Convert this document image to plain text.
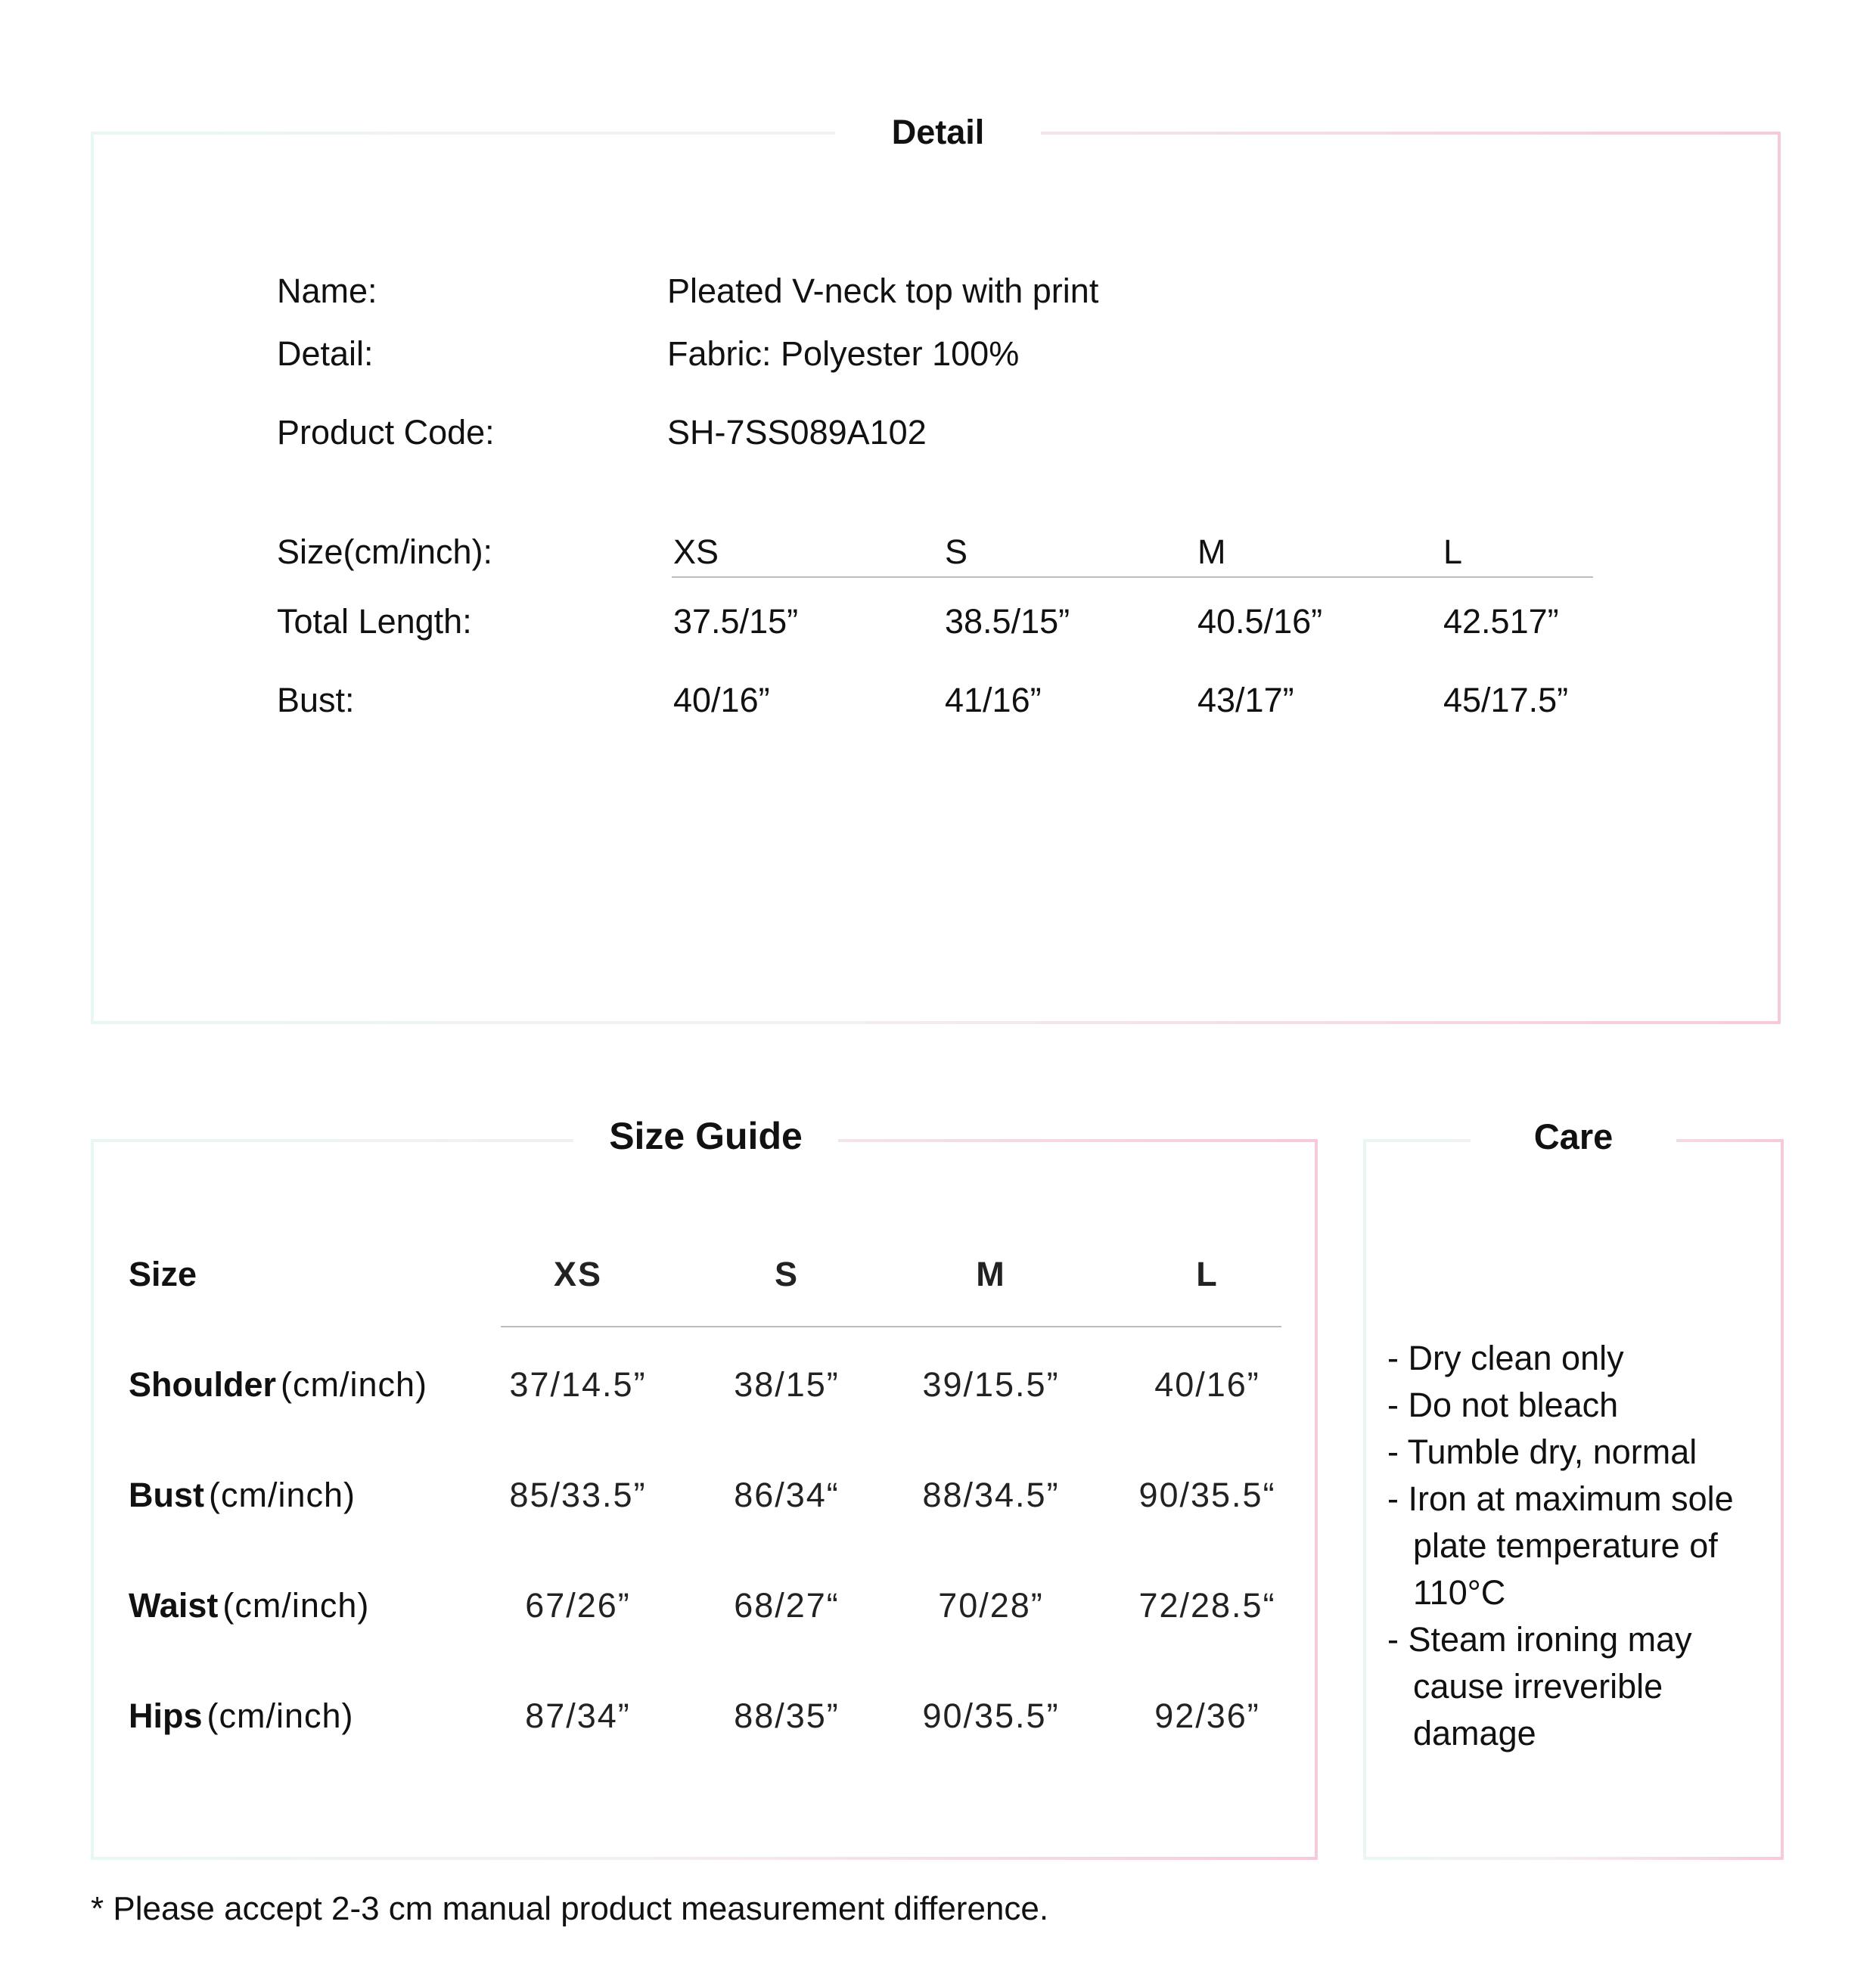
Detail
Name:	Pleated V-neck top with print
Detail:	Fabric: Polyester 100%
Product Code:	SH-7SS089A102
Size(cm/inch):	XS	S	M	L
Total Length:	37.5/15”	38.5/15”	40.5/16”	42.517”
Bust:	40/16”	41/16”	43/17”	45/17.5”
Size Guide
Size	XS	S	M	L
Shoulder (cm/inch)	37/14.5”	38/15”	39/15.5”	40/16”
Bust (cm/inch)	85/33.5”	86/34“	88/34.5”	90/35.5“
Waist (cm/inch)	67/26”	68/27“	70/28”	72/28.5“
Hips (cm/inch)	87/34”	88/35”	90/35.5”	92/36”
Care
- Dry clean only
- Do not bleach
- Tumble dry, normal
- Iron at maximum sole plate temperature of 110°C
- Steam ironing may cause irreverible damage
* Please accept 2-3 cm manual product measurement difference.
